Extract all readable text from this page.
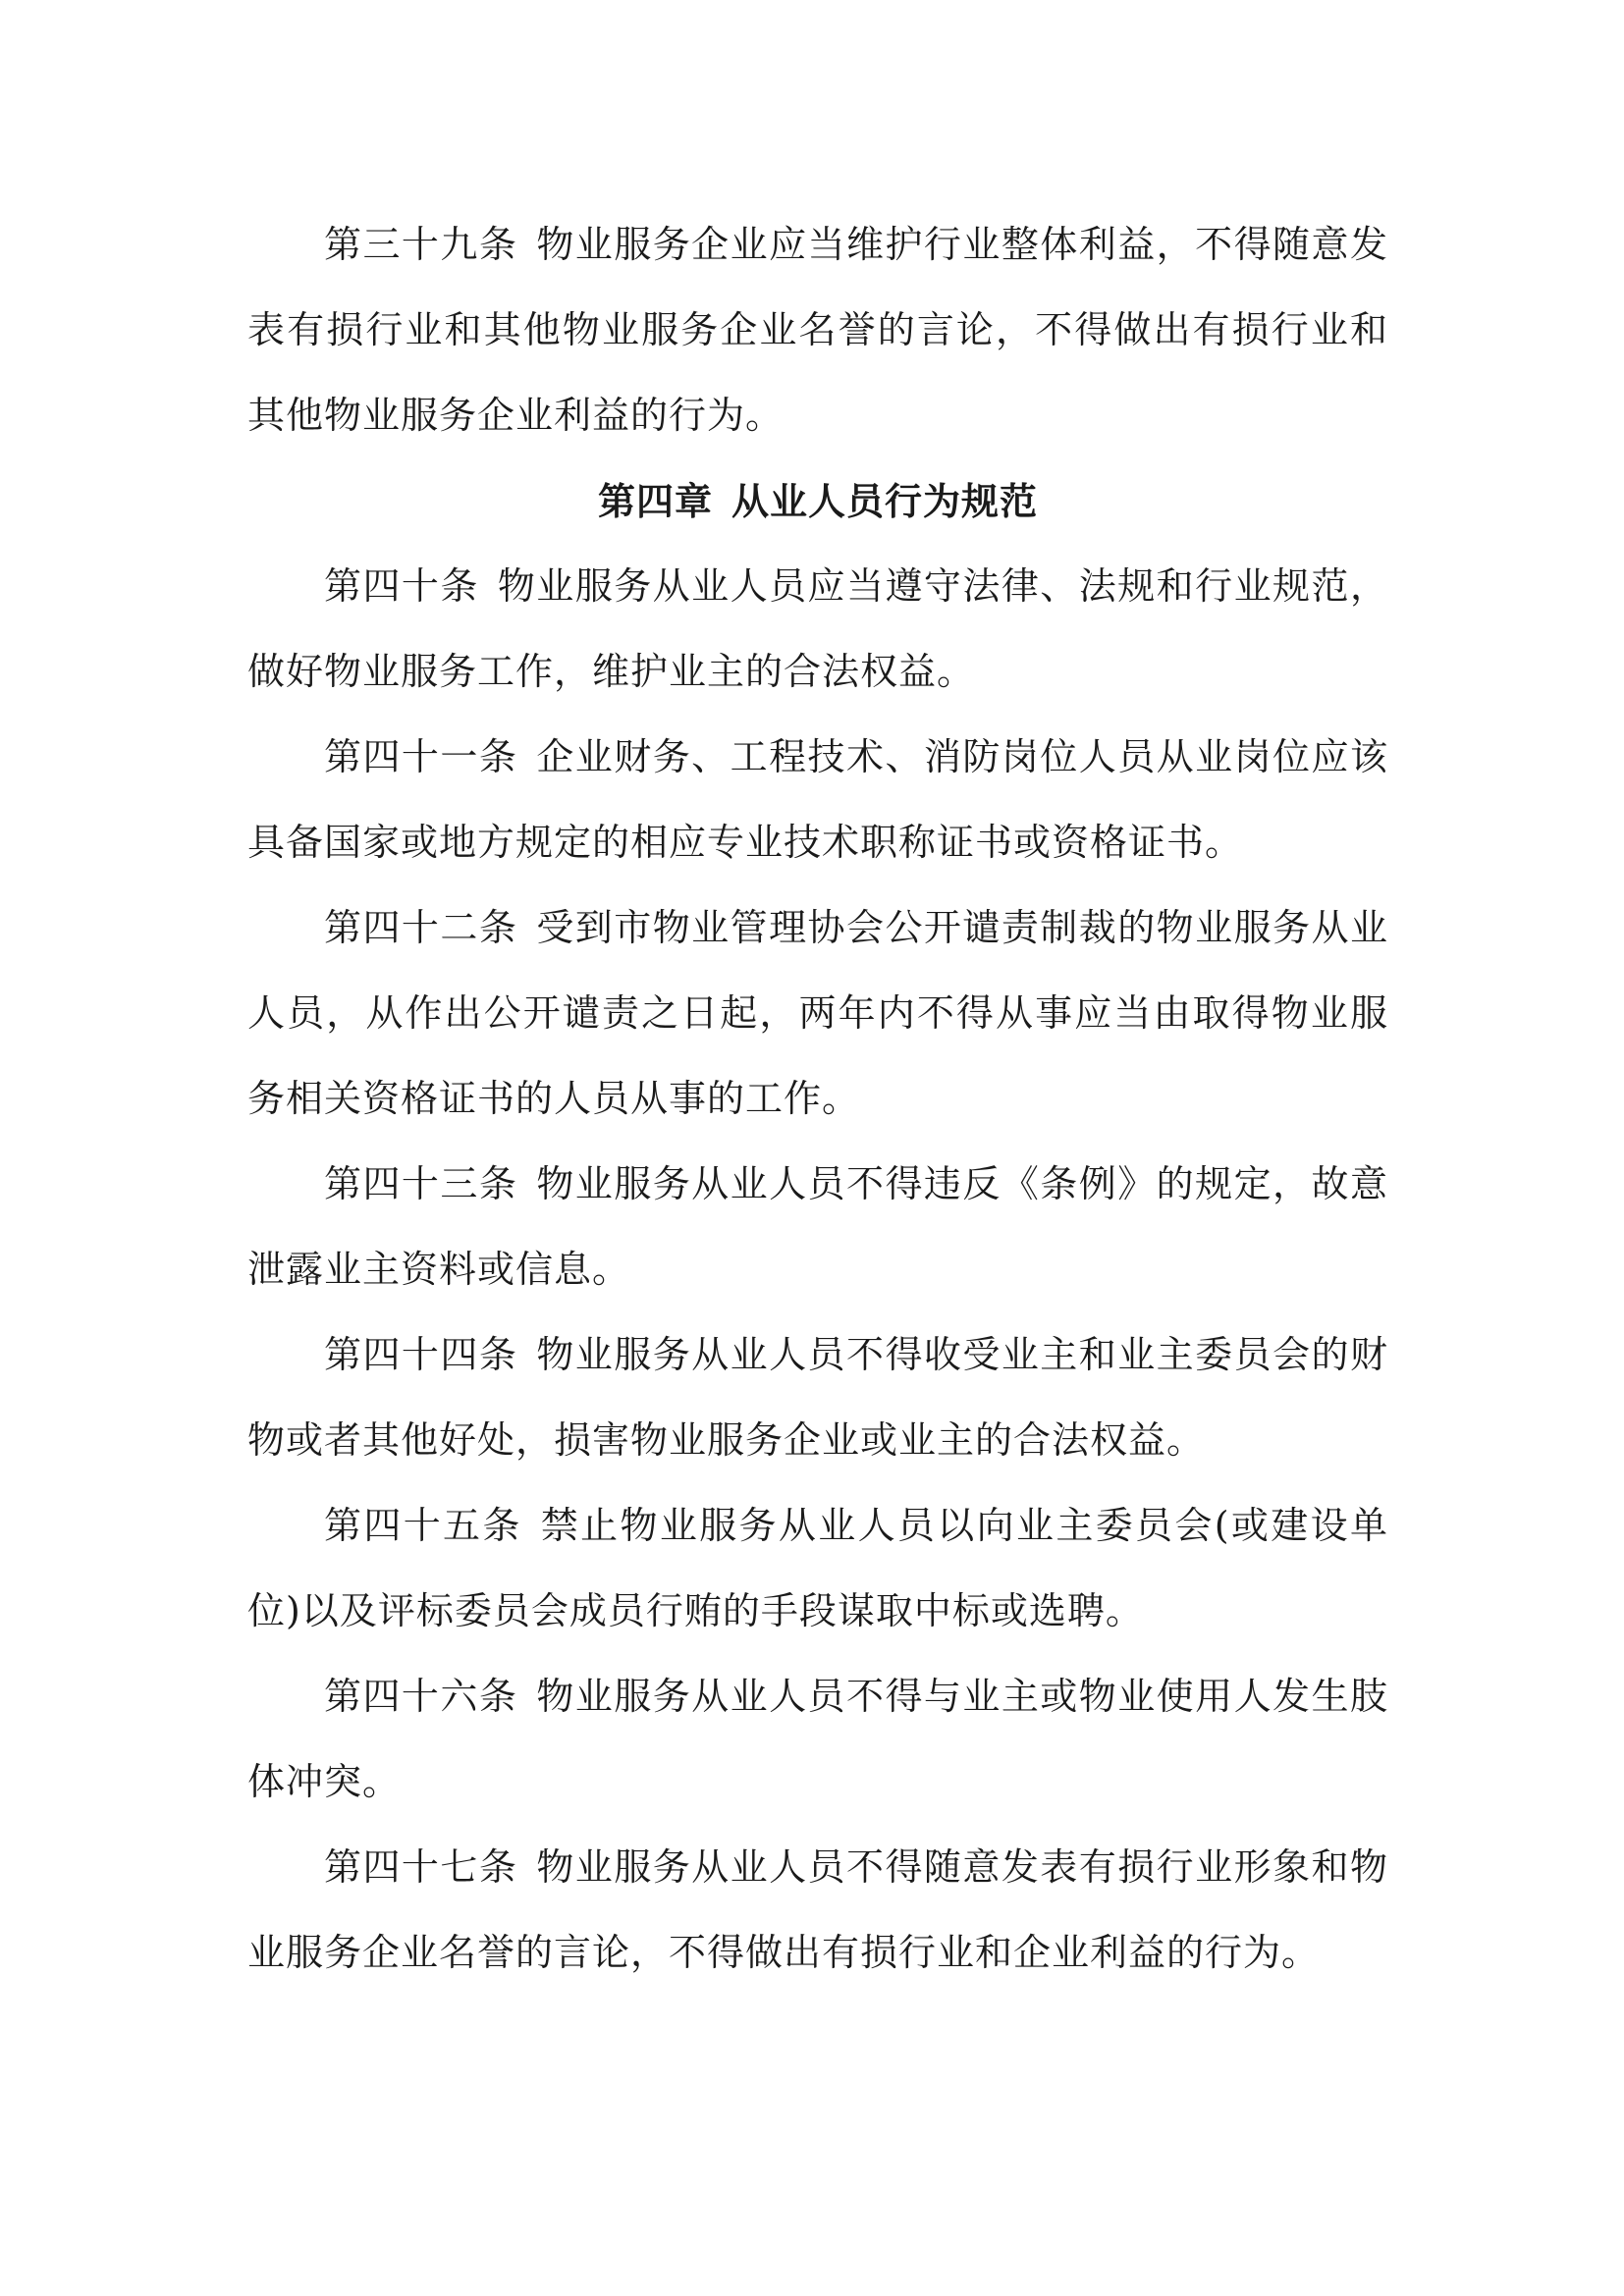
第三十九条 物业服务企业应当维护行业整体利益，不得随意发表有损行业和其他物业服务企业名誉的言论，不得做出有损行业和其他物业服务企业利益的行为。

第四章 从业人员行为规范

第四十条 物业服务从业人员应当遵守法律、法规和行业规范，做好物业服务工作，维护业主的合法权益。

第四十一条 企业财务、工程技术、消防岗位人员从业岗位应该具备国家或地方规定的相应专业技术职称证书或资格证书。

第四十二条 受到市物业管理协会公开谴责制裁的物业服务从业人员，从作出公开谴责之日起，两年内不得从事应当由取得物业服务相关资格证书的人员从事的工作。

第四十三条 物业服务从业人员不得违反《条例》的规定，故意泄露业主资料或信息。

第四十四条 物业服务从业人员不得收受业主和业主委员会的财物或者其他好处，损害物业服务企业或业主的合法权益。

第四十五条 禁止物业服务从业人员以向业主委员会(或建设单位)以及评标委员会成员行贿的手段谋取中标或选聘。

第四十六条 物业服务从业人员不得与业主或物业使用人发生肢体冲突。

第四十七条 物业服务从业人员不得随意发表有损行业形象和物业服务企业名誉的言论，不得做出有损行业和企业利益的行为。
